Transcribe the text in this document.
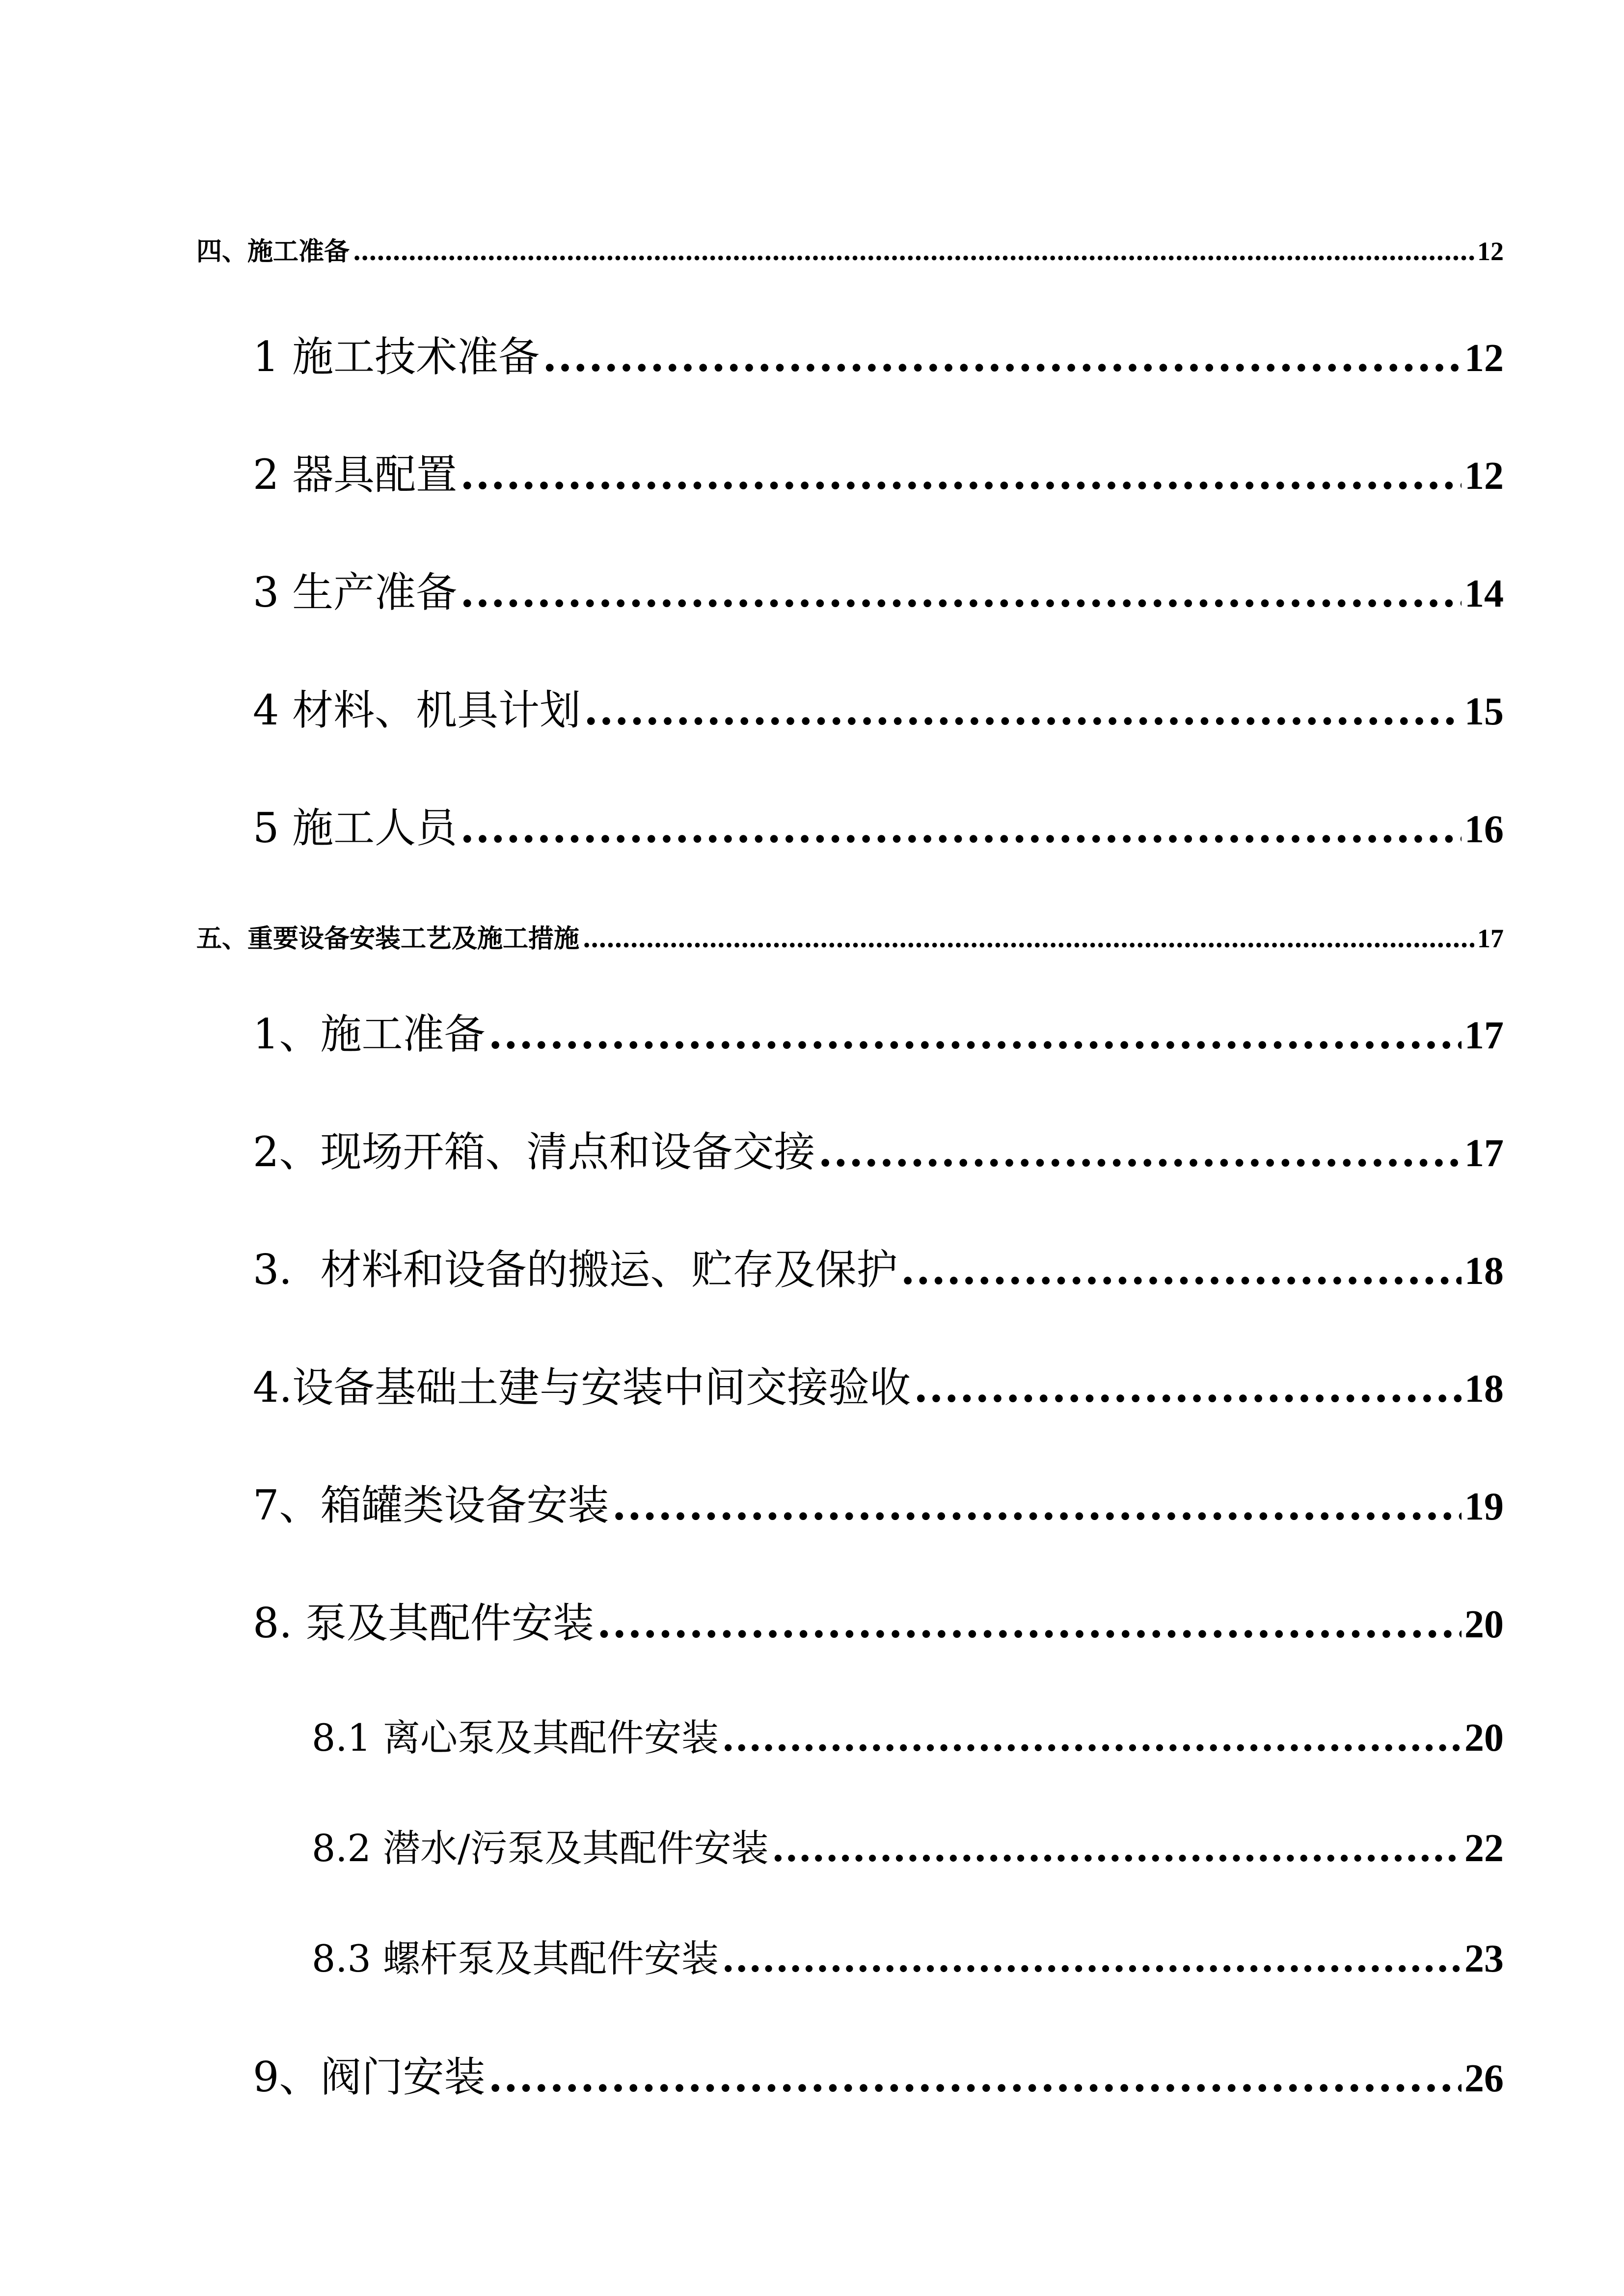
四、施工准备 .....	12
1 施工技术准备 .....	12
2 器具配置 .....	12
3 生产准备 .....	14
4 材料、机具计划 .....	15
5 施工人员 .....	16
五、重要设备安装工艺及施工措施 .....	17
1、施工准备 .....	17
2、现场开箱、清点和设备交接 .....	17
3．材料和设备的搬运、贮存及保护 .....	18
4.设备基础土建与安装中间交接验收 .....	18
7、箱罐类设备安装 .....	19
8. 泵及其配件安装 .....	20
8.1 离心泵及其配件安装 .....	20
8.2 潜水/污泵及其配件安装 .....	22
8.3 螺杆泵及其配件安装 .....	23
9、阀门安装 .....	26
